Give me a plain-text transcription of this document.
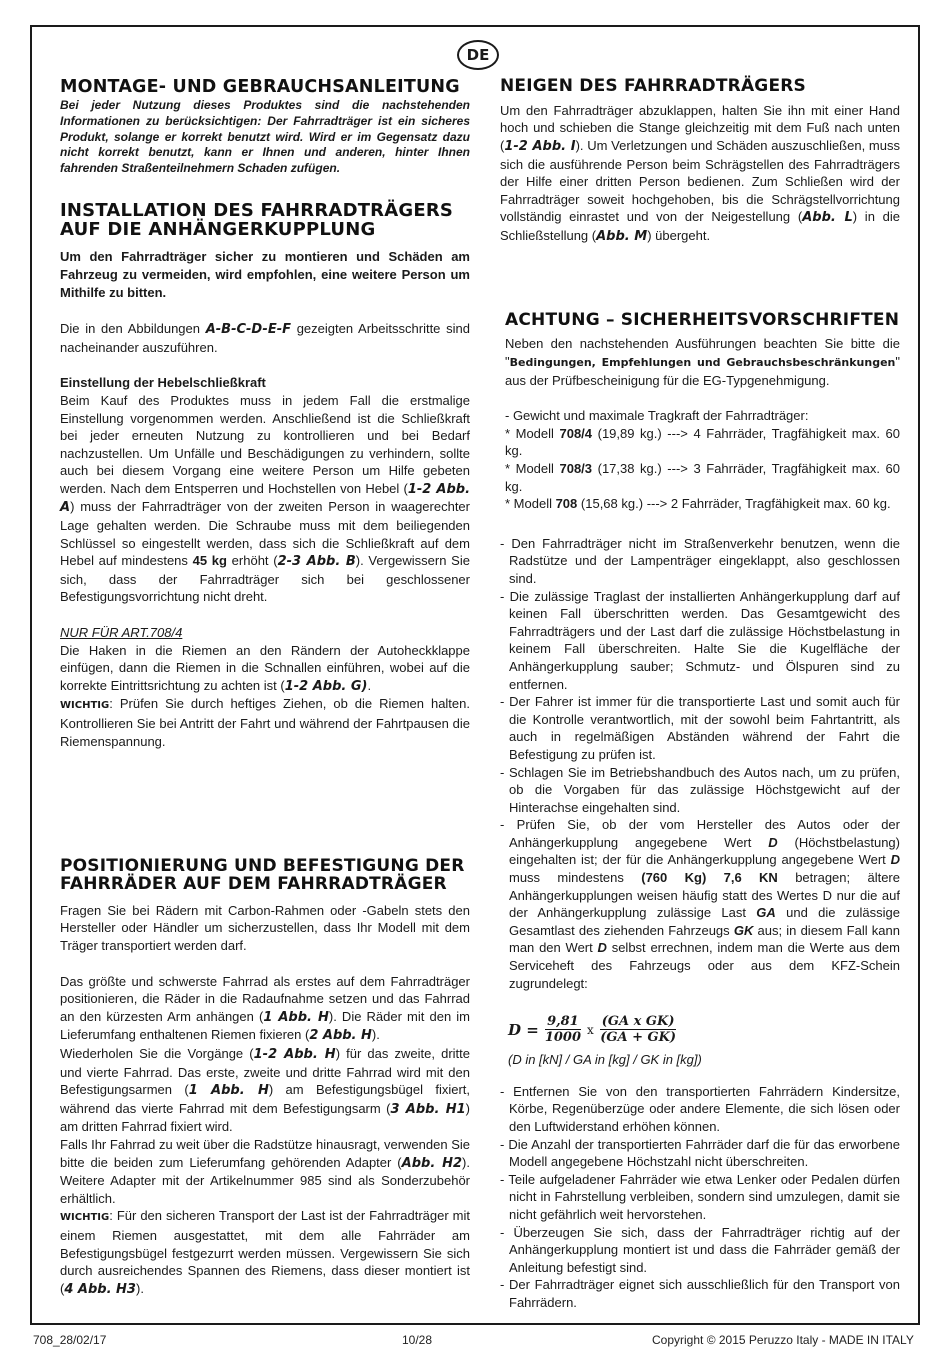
DE
MONTAGE- UND GEBRAUCHSANLEITUNG

Bei jeder Nutzung dieses Produktes sind die nachstehenden Informationen zu berücksichtigen: Der Fahrradträger ist ein sicheres Produkt, solange er korrekt benutzt wird. Wird er im Gegensatz dazu nicht korrekt benutzt, kann er Ihnen und anderen, hinter Ihnen fahrenden Straßenteilnehmern Schaden zufügen.

INSTALLATION DES FAHRRADTRÄGERS AUF DIE ANHÄNGERKUPPLUNG

Um den Fahrradträger sicher zu montieren und Schäden am Fahrzeug zu vermeiden, wird empfohlen, eine weitere Person um Mithilfe zu bitten.

Die in den Abbildungen A-B-C-D-E-F gezeigten Arbeitsschritte sind nacheinander auszuführen.

Einstellung der Hebelschließkraft

Beim Kauf des Produktes muss in jedem Fall die erstmalige Einstellung vorgenommen werden. Anschließend ist die Schließkraft bei jeder erneuten Nutzung zu kontrollieren und bei Bedarf nachzustellen. Um Unfälle und Beschädigungen zu verhindern, sollte auch bei diesem Vorgang eine weitere Person um Hilfe gebeten werden. Nach dem Entsperren und Hochstellen von Hebel (1-2 Abb. A) muss der Fahrradträger von der zweiten Person in waagerechter Lage gehalten werden. Die Schraube muss mit dem beiliegenden Schlüssel so eingestellt werden, dass sich die Schließkraft auf dem Hebel auf mindestens 45 kg erhöht (2-3 Abb. B). Vergewissern Sie sich, dass der Fahrradträger sich bei geschlossener Befestigungsvorrichtung nicht dreht.

NUR FÜR ART.708/4

Die Haken in die Riemen an den Rändern der Autoheckklappe einfügen, dann die Riemen in die Schnallen einführen, wobei auf die korrekte Eintrittsrichtung zu achten ist (1-2 Abb. G).
WICHTIG: Prüfen Sie durch heftiges Ziehen, ob die Riemen halten. Kontrollieren Sie bei Antritt der Fahrt und während der Fahrtpausen die Riemenspannung.

POSITIONIERUNG UND BEFESTIGUNG DER FAHRRÄDER AUF DEM FAHRRADTRÄGER

Fragen Sie bei Rädern mit Carbon-Rahmen oder -Gabeln stets den Hersteller oder Händler um sicherzustellen, dass Ihr Modell mit dem Träger transportiert werden darf.

Das größte und schwerste Fahrrad als erstes auf dem Fahrradträger positionieren, die Räder in die Radaufnahme setzen und das Fahrrad an den kürzesten Arm anhängen (1 Abb. H). Die Räder mit den im Lieferumfang enthaltenen Riemen fixieren (2 Abb. H).

Wiederholen Sie die Vorgänge (1-2 Abb. H) für das zweite, dritte und vierte Fahrrad. Das erste, zweite und dritte Fahrrad wird mit den Befestigungsarmen (1 Abb. H) am Befestigungsbügel fixiert, während das vierte Fahrrad mit dem Befestigungsarm (3 Abb. H1) am dritten Fahrrad fixiert wird.

Falls Ihr Fahrrad zu weit über die Radstütze hinausragt, verwenden Sie bitte die beiden zum Lieferumfang gehörenden Adapter (Abb. H2). Weitere Adapter mit der Artikelnummer 985 sind als Sonderzubehör erhältlich.

WICHTIG: Für den sicheren Transport der Last ist der Fahrradträger mit einem Riemen ausgestattet, mit dem alle Fahrräder am Befestigungsbügel festgezurrt werden müssen. Vergewissern Sie sich durch ausreichendes Spannen des Riemens, dass dieser montiert ist (4 Abb. H3).

NEIGEN DES FAHRRADTRÄGERS

Um den Fahrradträger abzuklappen, halten Sie ihn mit einer Hand hoch und schieben die Stange gleichzeitig mit dem Fuß nach unten (1-2 Abb. I). Um Verletzungen und Schäden auszuschließen, muss sich die ausführende Person beim Schrägstellen des Fahrradträgers der Hilfe einer dritten Person bedienen. Zum Schließen wird der Fahrradträger soweit hochgehoben, bis die Schrägstellvorrichtung vollständig einrastet und von der Neigestellung (Abb. L) in die Schließstellung (Abb. M) übergeht.

ACHTUNG – SICHERHEITSVORSCHRIFTEN

Neben den nachstehenden Ausführungen beachten Sie bitte die "Bedingungen, Empfehlungen und Gebrauchsbeschränkungen" aus der Prüfbescheinigung für die EG-Typgenehmigung.

- Gewicht und maximale Tragkraft der Fahrradträger:

* Modell 708/4 (19,89 kg.) ---> 4 Fahrräder, Tragfähigkeit max. 60 kg.

* Modell 708/3 (17,38 kg.) ---> 3 Fahrräder, Tragfähigkeit max. 60 kg.

* Modell 708 (15,68 kg.) ---> 2 Fahrräder, Tragfähigkeit max. 60 kg.

- Den Fahrradträger nicht im Straßenverkehr benutzen, wenn die Radstütze und der Lampenträger eingeklappt, also geschlossen sind.

- Die zulässige Traglast der installierten Anhängerkupplung darf auf keinen Fall überschritten werden. Das Gesamtgewicht des Fahrradträgers und der Last darf die zulässige Höchstbelastung in keinem Fall überschreiten. Halte Sie die Kugelfläche der Anhängerkupplung sauber; Schmutz- und Ölspuren sind zu entfernen.

- Der Fahrer ist immer für die transportierte Last und somit auch für die Kontrolle verantwortlich, mit der sowohl beim Fahrtantritt, als auch in regelmäßigen Abständen während der Fahrt die Befestigung zu prüfen ist.

- Schlagen Sie im Betriebshandbuch des Autos nach, um zu prüfen, ob die Vorgaben für das zulässige Höchstgewicht auf der Hinterachse eingehalten sind.

- Prüfen Sie, ob der vom Hersteller des Autos oder der Anhängerkupplung angegebene Wert D (Höchstbelastung) eingehalten ist; der für die Anhängerkupplung angegebene Wert D muss mindestens (760 Kg) 7,6 KN betragen; ältere Anhängerkupplungen weisen häufig statt des Wertes D nur die auf der Anhängerkupplung zulässige Last GA und die zulässige Gesamtlast des ziehenden Fahrzeugs GK aus; in diesem Fall kann man den Wert D selbst errechnen, indem man die Werte aus dem Serviceheft des Fahrzeugs oder aus dem KFZ-Schein zugrundelegt:

$D = \frac{9,81}{1000}$ x $\frac{\text{(GA x GK)}}{(GA + GK)}$

(D in [kN] / GA in [kg] / GK in [kg])

- Entfernen Sie von den transportierten Fahrrädern Kindersitze, Körbe, Regenüberzüge oder andere Elemente, die sich lösen oder den Luftwiderstand erhöhen können.

- Die Anzahl der transportierten Fahrräder darf die für das erworbene Modell angegebene Höchstzahl nicht überschreiten.

- Teile aufgeladener Fahrräder wie etwa Lenker oder Pedalen dürfen nicht in Fahrstellung verbleiben, sondern sind umzulegen, damit sie nicht gefährlich weit hervorstehen.

- Überzeugen Sie sich, dass der Fahrradträger richtig auf der Anhängerkupplung montiert ist und dass die Fahrräder gemäß der Anleitung befestigt sind.

- Der Fahrradträger eignet sich ausschließlich für den Transport von Fahrrädern.

708_28/02/17	10/28	Copyright © 2015 Peruzzo Italy - MADE IN ITALY
